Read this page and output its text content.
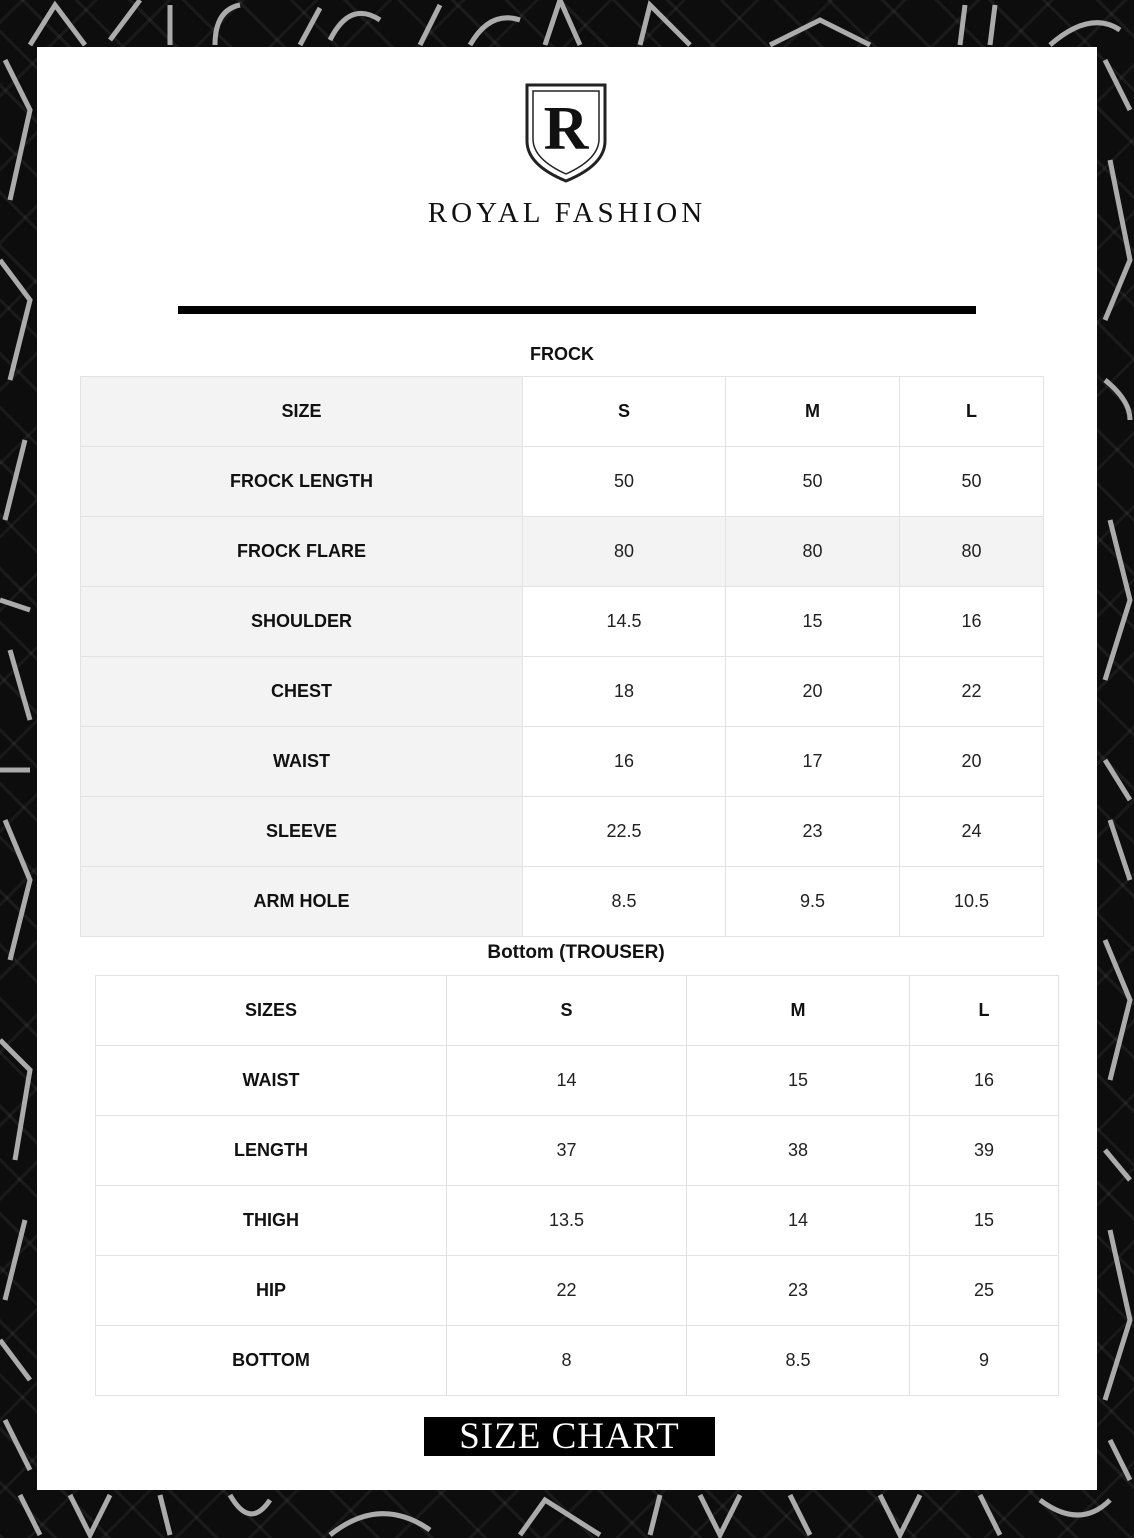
R
ROYAL FASHION
FROCK
SIZE	S	M	L
FROCK LENGTH	50	50	50
FROCK FLARE	80	80	80
SHOULDER	14.5	15	16
CHEST	18	20	22
WAIST	16	17	20
SLEEVE	22.5	23	24
ARM HOLE	8.5	9.5	10.5
Bottom (TROUSER)
SIZES	S	M	L
WAIST	14	15	16
LENGTH	37	38	39
THIGH	13.5	14	15
HIP	22	23	25
BOTTOM	8	8.5	9
SIZE CHART
